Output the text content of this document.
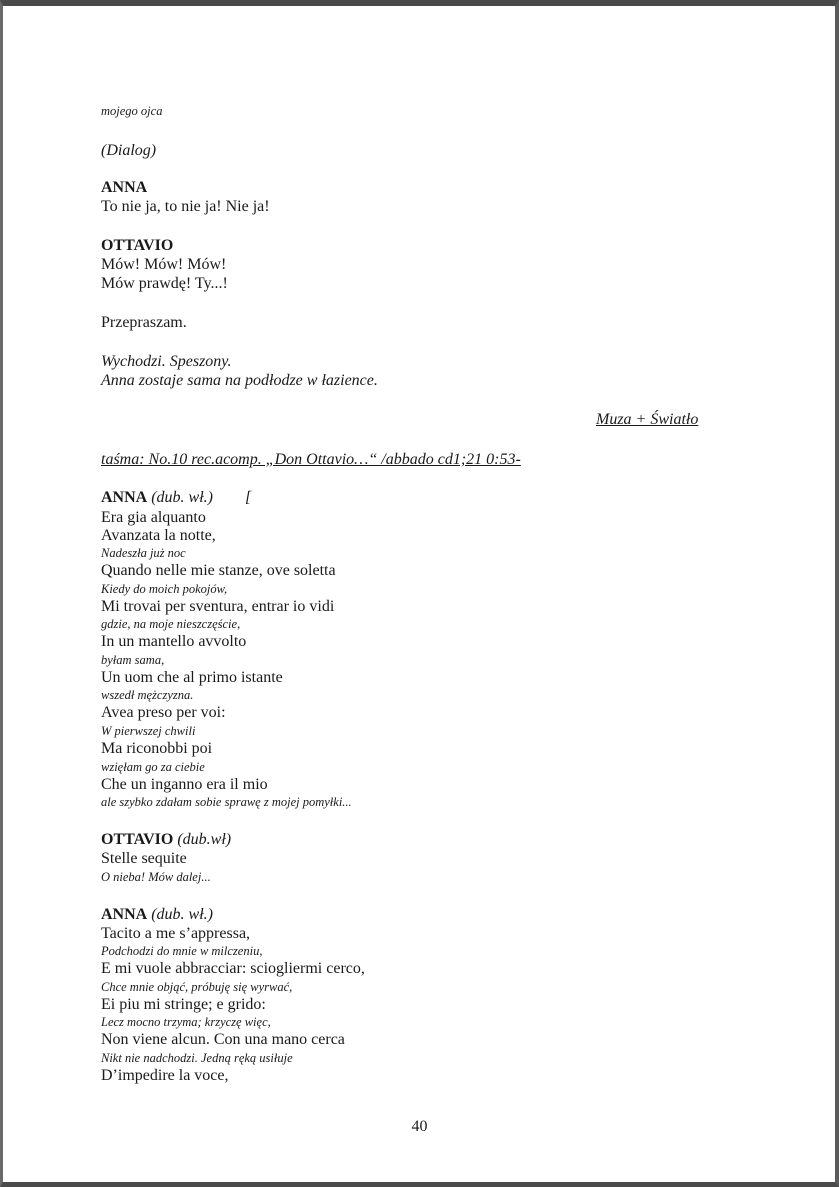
mojego ojca
(Dialog)
ANNA
To nie ja, to nie ja! Nie ja!
OTTAVIO
Mów! Mów! Mów!
Mów prawdę! Ty...!
Przepraszam.
Wychodzi. Speszony.
Anna zostaje sama na podłodze w łazience.
Muza + Światło
taśma: No.10 rec.acomp. „Don Ottavio…“ /abbado cd1;21 0:53-
ANNA (dub. wł.) [
Era gia alquanto
Avanzata la notte,
Nadeszła już noc
Quando nelle mie stanze, ove soletta
Kiedy do moich pokojów,
Mi trovai per sventura, entrar io vidi
gdzie, na moje nieszczęście,
In un mantello avvolto
byłam sama,
Un uom che al primo istante
wszedł mężczyzna.
Avea preso per voi:
W pierwszej chwili
Ma riconobbi poi
wzięłam go za ciebie
Che un inganno era il mio
ale szybko zdałam sobie sprawę z mojej pomyłki...
OTTAVIO (dub.wł)
Stelle sequite
O nieba! Mów dalej...
ANNA (dub. wł.)
Tacito a me s’appressa,
Podchodzi do mnie w milczeniu,
E mi vuole abbracciar: sciogliermi cerco,
Chce mnie objąć, próbuję się wyrwać,
Ei piu mi stringe; e grido:
Lecz mocno trzyma; krzyczę więc,
Non viene alcun. Con una mano cerca
Nikt nie nadchodzi. Jedną ręką usiłuje
D’impedire la voce,
40
